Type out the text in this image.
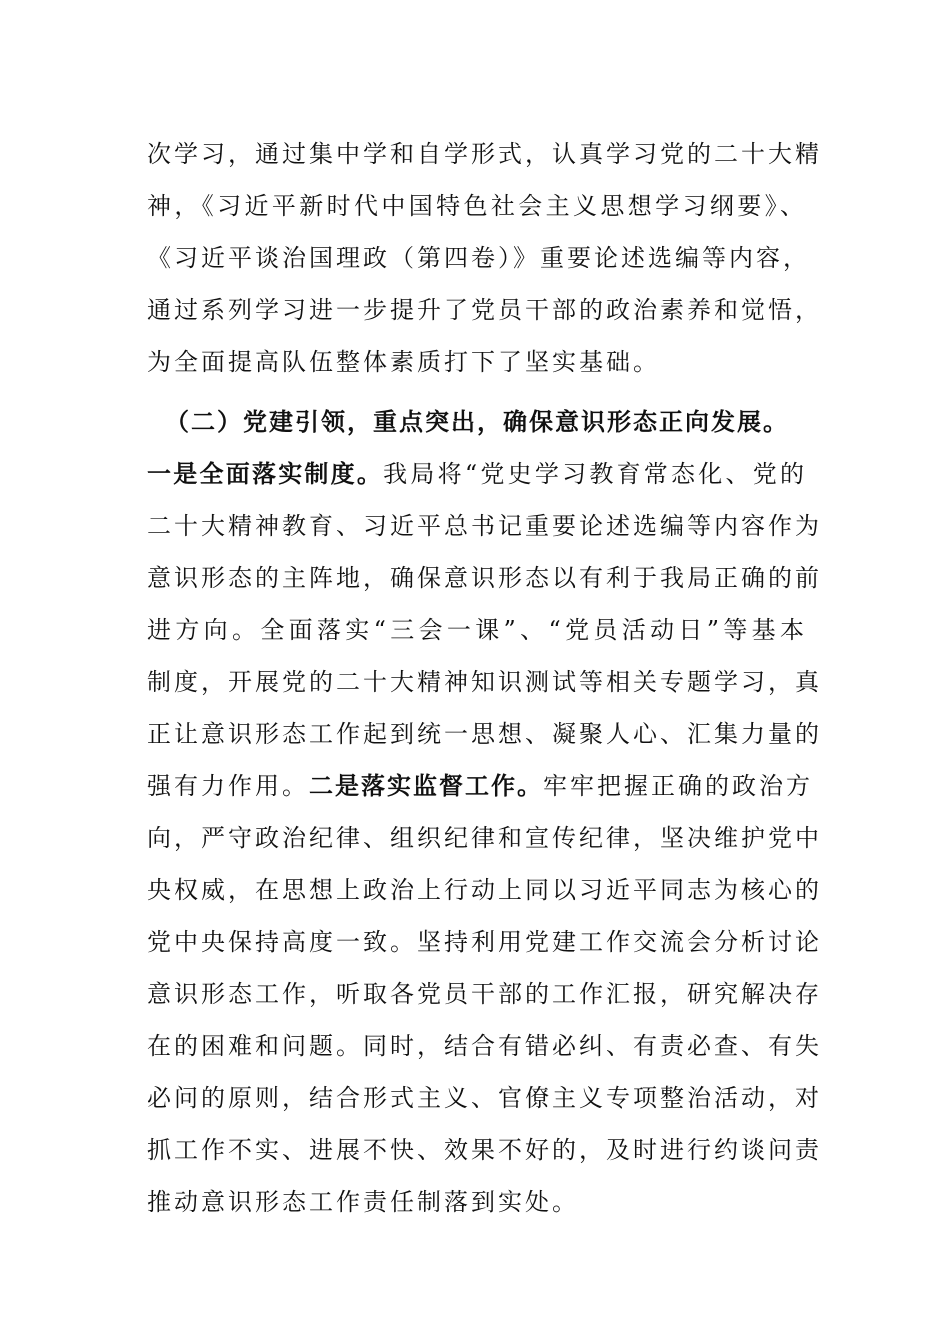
次学习，通过集中学和自学形式，认真学习党的二十大精
神，《习近平新时代中国特色社会主义思想学习纲要》、
《习近平谈治国理政（第四卷）》重要论述选编等内容，
通过系列学习进一步提升了党员干部的政治素养和觉悟，
为全面提高队伍整体素质打下了坚实基础。
（二）党建引领，重点突出，确保意识形态正向发展。
一是全面落实制度。我局将“党史学习教育常态化、党的
二十大精神教育、习近平总书记重要论述选编等内容作为
意识形态的主阵地，确保意识形态以有利于我局正确的前
进方向。全面落实“三会一课”、“党员活动日”等基本
制度，开展党的二十大精神知识测试等相关专题学习，真
正让意识形态工作起到统一思想、凝聚人心、汇集力量的
强有力作用。二是落实监督工作。牢牢把握正确的政治方
向，严守政治纪律、组织纪律和宣传纪律，坚决维护党中
央权威，在思想上政治上行动上同以习近平同志为核心的
党中央保持高度一致。坚持利用党建工作交流会分析讨论
意识形态工作，听取各党员干部的工作汇报，研究解决存
在的困难和问题。同时，结合有错必纠、有责必查、有失
必问的原则，结合形式主义、官僚主义专项整治活动，对
抓工作不实、进展不快、效果不好的，及时进行约谈问责
推动意识形态工作责任制落到实处。
